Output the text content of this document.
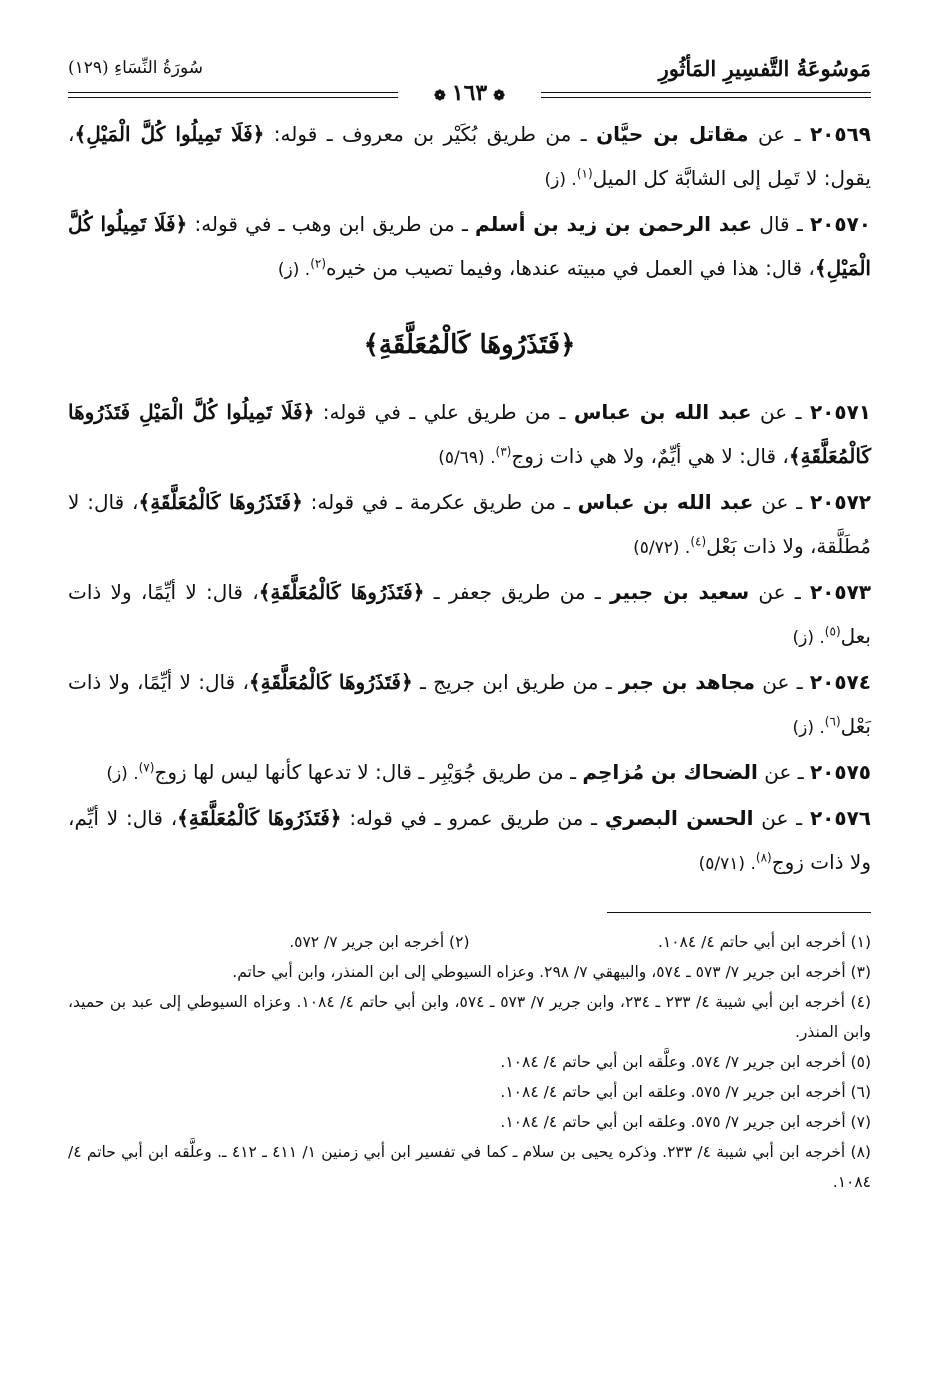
مَوسُوعَةُ التَّفسِيرِ المَأثُورِ
سُورَةُ النِّسَاءِ (١٢٩)
❁١٦٣❁

٢٠٥٦٩ ـ عن مقاتل بن حيَّان ـ من طريق بُكَيْر بن معروف ـ قوله: ﴿فَلَا تَمِيلُوا كُلَّ الْمَيْلِ﴾، يقول: لا تَمِل إلى الشابَّة كل الميل$^{(١)}$. (ز)

٢٠٥٧٠ ـ قال عبد الرحمن بن زيد بن أسلم ـ من طريق ابن وهب ـ في قوله: ﴿فَلَا تَمِيلُوا كُلَّ الْمَيْلِ﴾، قال: هذا في العمل في مبيته عندها، وفيما تصيب من خيره$^{(٢)}$. (ز)

﴿فَتَذَرُوهَا كَالْمُعَلَّقَةِ﴾

٢٠٥٧١ ـ عن عبد الله بن عباس ـ من طريق علي ـ في قوله: ﴿فَلَا تَمِيلُوا كُلَّ الْمَيْلِ فَتَذَرُوهَا كَالْمُعَلَّقَةِ﴾، قال: لا هي أيِّمٌ، ولا هي ذات زوج$^{(٣)}$. (٥/٦٩)

٢٠٥٧٢ ـ عن عبد الله بن عباس ـ من طريق عكرمة ـ في قوله: ﴿فَتَذَرُوهَا كَالْمُعَلَّقَةِ﴾، قال: لا مُطَلَّقة، ولا ذات بَعْل$^{(٤)}$. (٥/٧٢)

٢٠٥٧٣ ـ عن سعيد بن جبير ـ من طريق جعفر ـ ﴿فَتَذَرُوهَا كَالْمُعَلَّقَةِ﴾، قال: لا أيِّمًا، ولا ذات بعل$^{(٥)}$. (ز)

٢٠٥٧٤ ـ عن مجاهد بن جبر ـ من طريق ابن جريج ـ ﴿فَتَذَرُوهَا كَالْمُعَلَّقَةِ﴾، قال: لا أيِّمًا، ولا ذات بَعْل$^{(٦)}$. (ز)

٢٠٥٧٥ ـ عن الضحاك بن مُزاحِم ـ من طريق جُوَيْبِر ـ قال: لا تدعها كأنها ليس لها زوج$^{(٧)}$. (ز)

٢٠٥٧٦ ـ عن الحسن البصري ـ من طريق عمرو ـ في قوله: ﴿فَتَذَرُوهَا كَالْمُعَلَّقَةِ﴾، قال: لا أيِّم، ولا ذات زوج$^{(٨)}$. (٥/٧١)

(١) أخرجه ابن أبي حاتم ٤/ ١٠٨٤.
(٢) أخرجه ابن جرير ٧/ ٥٧٢.
(٣) أخرجه ابن جرير ٧/ ٥٧٣ ـ ٥٧٤، والبيهقي ٧/ ٢٩٨. وعزاه السيوطي إلى ابن المنذر، وابن أبي حاتم.
(٤) أخرجه ابن أبي شيبة ٤/ ٢٣٣ ـ ٢٣٤، وابن جرير ٧/ ٥٧٣ ـ ٥٧٤، وابن أبي حاتم ٤/ ١٠٨٤. وعزاه السيوطي إلى عبد بن حميد، وابن المنذر.
(٥) أخرجه ابن جرير ٧/ ٥٧٤. وعلَّقه ابن أبي حاتم ٤/ ١٠٨٤.
(٦) أخرجه ابن جرير ٧/ ٥٧٥. وعلقه ابن أبي حاتم ٤/ ١٠٨٤.
(٧) أخرجه ابن جرير ٧/ ٥٧٥. وعلقه ابن أبي حاتم ٤/ ١٠٨٤.
(٨) أخرجه ابن أبي شيبة ٤/ ٢٣٣. وذكره يحيى بن سلام ـ كما في تفسير ابن أبي زمنين ١/ ٤١١ ـ ٤١٢ ـ. وعلَّقه ابن أبي حاتم ٤/ ١٠٨٤.
